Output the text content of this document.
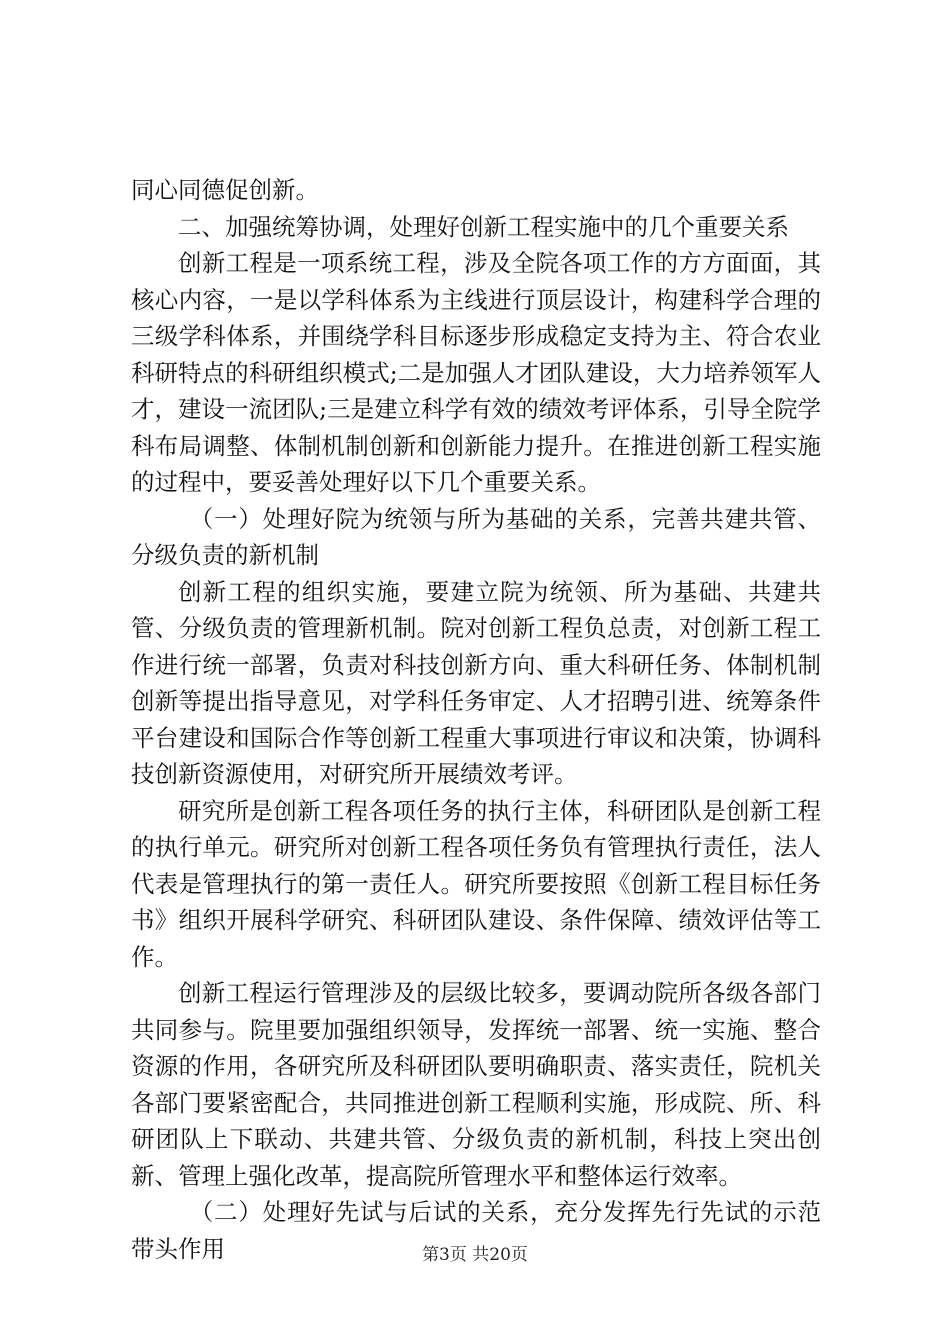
同心同德促创新。

二、加强统筹协调，处理好创新工程实施中的几个重要关系

创新工程是一项系统工程，涉及全院各项工作的方方面面，其核心内容，一是以学科体系为主线进行顶层设计，构建科学合理的三级学科体系，并围绕学科目标逐步形成稳定支持为主、符合农业科研特点的科研组织模式;二是加强人才团队建设，大力培养领军人才，建设一流团队;三是建立科学有效的绩效考评体系，引导全院学科布局调整、体制机制创新和创新能力提升。在推进创新工程实施的过程中，要妥善处理好以下几个重要关系。

（一）处理好院为统领与所为基础的关系，完善共建共管、分级负责的新机制

创新工程的组织实施，要建立院为统领、所为基础、共建共管、分级负责的管理新机制。院对创新工程负总责，对创新工程工作进行统一部署，负责对科技创新方向、重大科研任务、体制机制创新等提出指导意见，对学科任务审定、人才招聘引进、统筹条件平台建设和国际合作等创新工程重大事项进行审议和决策，协调科技创新资源使用，对研究所开展绩效考评。

研究所是创新工程各项任务的执行主体，科研团队是创新工程的执行单元。研究所对创新工程各项任务负有管理执行责任，法人代表是管理执行的第一责任人。研究所要按照《创新工程目标任务书》组织开展科学研究、科研团队建设、条件保障、绩效评估等工作。

创新工程运行管理涉及的层级比较多，要调动院所各级各部门共同参与。院里要加强组织领导，发挥统一部署、统一实施、整合资源的作用，各研究所及科研团队要明确职责、落实责任，院机关各部门要紧密配合，共同推进创新工程顺利实施，形成院、所、科研团队上下联动、共建共管、分级负责的新机制，科技上突出创新、管理上强化改革，提高院所管理水平和整体运行效率。

（二）处理好先试与后试的关系，充分发挥先行先试的示范带头作用	第3页 共20页
